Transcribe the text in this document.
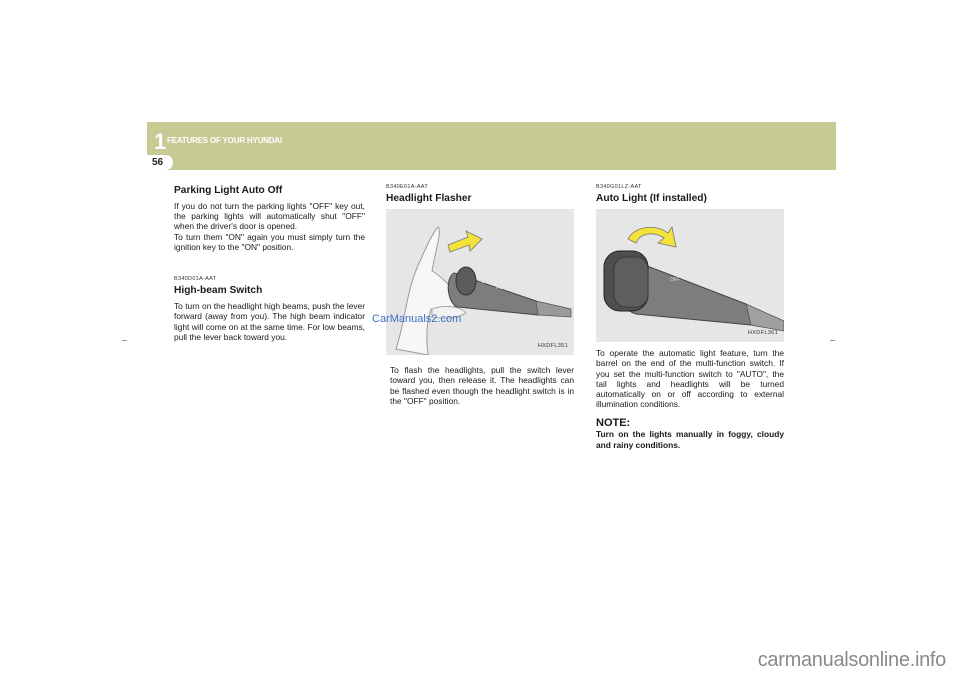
1 FEATURES OF YOUR HYUNDAI
56
Parking Light Auto Off

If you do not turn the parking lights "OFF" key out, the parking lights will automatically shut "OFF" when the driver's door is opened.

To turn them "ON" again you must simply turn the ignition key to the "ON" position.

B340D01A-AAT
High-beam Switch

To turn on the headlight high beams, push the lever forward (away from you). The high beam indicator light will come on at the same time. For low beams, pull the lever back toward you.

B340E01A-AAT
Headlight Flasher
OFF
AUTO
HXDFL351

To flash the headlights, pull the switch lever toward you, then release it. The headlights can be flashed even though the headlight switch is in the "OFF" position.

B340G01LZ-AAT
Auto Light (If installed)
AUTO
OFF
HXDFL361

To operate the automatic light feature, turn the barrel on the end of the multi-function switch. If you set the multi-function switch to "AUTO", the tail lights and headlights will be turned automatically on or off according to external illumination conditions.

NOTE:

Turn on the lights manually in foggy, cloudy and rainy conditions.

CarManuals2.com
carmanualsonline.info
